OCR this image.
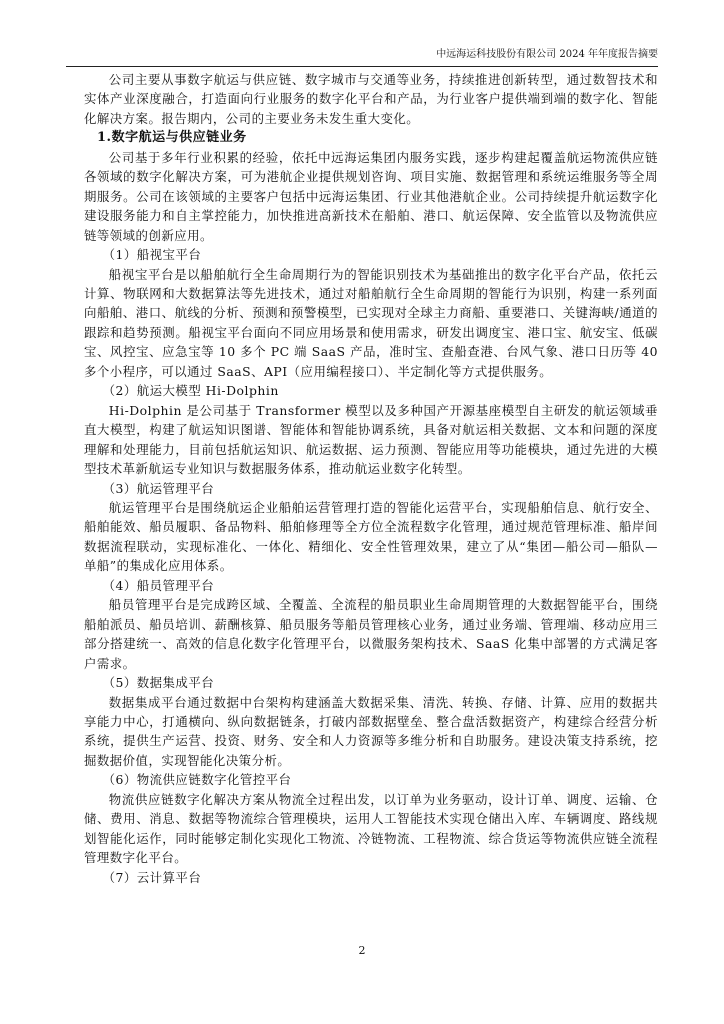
中远海运科技股份有限公司 2024 年年度报告摘要

公司主要从事数字航运与供应链、数字城市与交通等业务，持续推进创新转型，通过数智技术和实体产业深度融合，打造面向行业服务的数字化平台和产品，为行业客户提供端到端的数字化、智能化解决方案。报告期内，公司的主要业务未发生重大变化。

1.数字航运与供应链业务

公司基于多年行业积累的经验，依托中远海运集团内服务实践，逐步构建起覆盖航运物流供应链各领域的数字化解决方案，可为港航企业提供规划咨询、项目实施、数据管理和系统运维服务等全周期服务。公司在该领域的主要客户包括中远海运集团、行业其他港航企业。公司持续提升航运数字化建设服务能力和自主掌控能力，加快推进高新技术在船舶、港口、航运保障、安全监管以及物流供应链等领域的创新应用。

（1）船视宝平台

船视宝平台是以船舶航行全生命周期行为的智能识别技术为基础推出的数字化平台产品，依托云计算、物联网和大数据算法等先进技术，通过对船舶航行全生命周期的智能行为识别，构建一系列面向船舶、港口、航线的分析、预测和预警模型，已实现对全球主力商船、重要港口、关键海峡/通道的跟踪和趋势预测。船视宝平台面向不同应用场景和使用需求，研发出调度宝、港口宝、航安宝、低碳宝、风控宝、应急宝等 10 多个 PC 端 SaaS 产品，准时宝、查船查港、台风气象、港口日历等 40 多个小程序，可以通过 SaaS、API（应用编程接口）、半定制化等方式提供服务。

（2）航运大模型 Hi-Dolphin

Hi-Dolphin 是公司基于 Transformer 模型以及多种国产开源基座模型自主研发的航运领域垂直大模型，构建了航运知识图谱、智能体和智能协调系统，具备对航运相关数据、文本和问题的深度理解和处理能力，目前包括航运知识、航运数据、运力预测、智能应用等功能模块，通过先进的大模型技术革新航运专业知识与数据服务体系，推动航运业数字化转型。

（3）航运管理平台

航运管理平台是围绕航运企业船舶运营管理打造的智能化运营平台，实现船舶信息、航行安全、船舶能效、船员履职、备品物料、船舶修理等全方位全流程数字化管理，通过规范管理标准、船岸间数据流程联动，实现标准化、一体化、精细化、安全性管理效果，建立了从“集团—船公司—船队—单船”的集成化应用体系。

（4）船员管理平台

船员管理平台是完成跨区域、全覆盖、全流程的船员职业生命周期管理的大数据智能平台，围绕船舶派员、船员培训、薪酬核算、船员服务等船员管理核心业务，通过业务端、管理端、移动应用三部分搭建统一、高效的信息化数字化管理平台，以微服务架构技术、SaaS 化集中部署的方式满足客户需求。

（5）数据集成平台

数据集成平台通过数据中台架构构建涵盖大数据采集、清洗、转换、存储、计算、应用的数据共享能力中心，打通横向、纵向数据链条，打破内部数据壁垒、整合盘活数据资产，构建综合经营分析系统，提供生产运营、投资、财务、安全和人力资源等多维分析和自助服务。建设决策支持系统，挖掘数据价值，实现智能化决策分析。

（6）物流供应链数字化管控平台

物流供应链数字化解决方案从物流全过程出发，以订单为业务驱动，设计订单、调度、运输、仓储、费用、消息、数据等物流综合管理模块，运用人工智能技术实现仓储出入库、车辆调度、路线规划智能化运作，同时能够定制化实现化工物流、冷链物流、工程物流、综合货运等物流供应链全流程管理数字化平台。

（7）云计算平台
2
